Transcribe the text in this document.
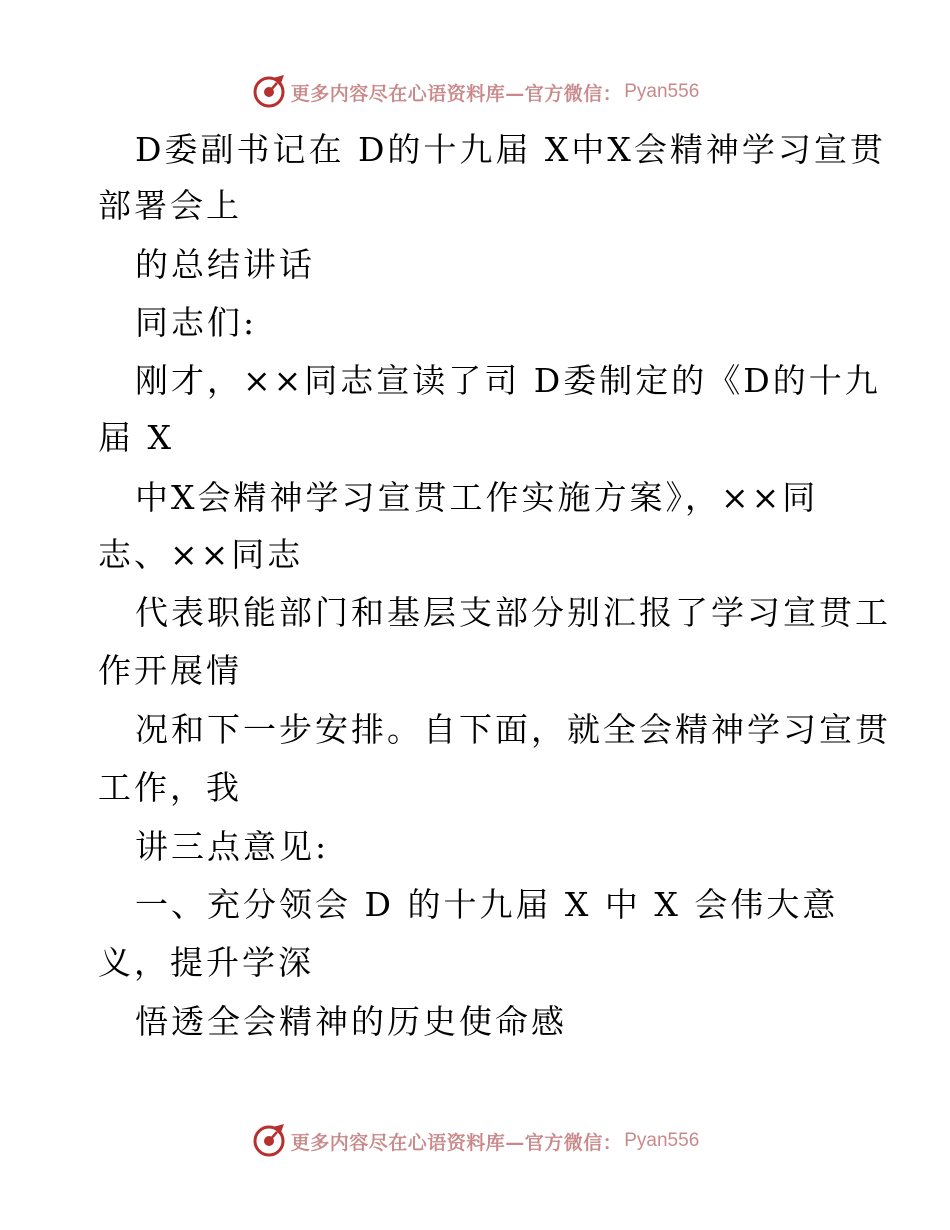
更多内容尽在心语资料库—官方微信： Pyan556
D委副书记在 D的十九届 X中X会精神学习宣贯
部署会上
的总结讲话
同志们:
刚才，××同志宣读了司 D委制定的《D的十九
届 X
中X会精神学习宣贯工作实施方案》，××同
志、××同志
代表职能部门和基层支部分别汇报了学习宣贯工
作开展情
况和下一步安排。自下面，就全会精神学习宣贯
工作，我
讲三点意见:
一、充分领会 D 的十九届 X 中 X 会伟大意
义，提升学深
悟透全会精神的历史使命感
更多内容尽在心语资料库—官方微信： Pyan556
